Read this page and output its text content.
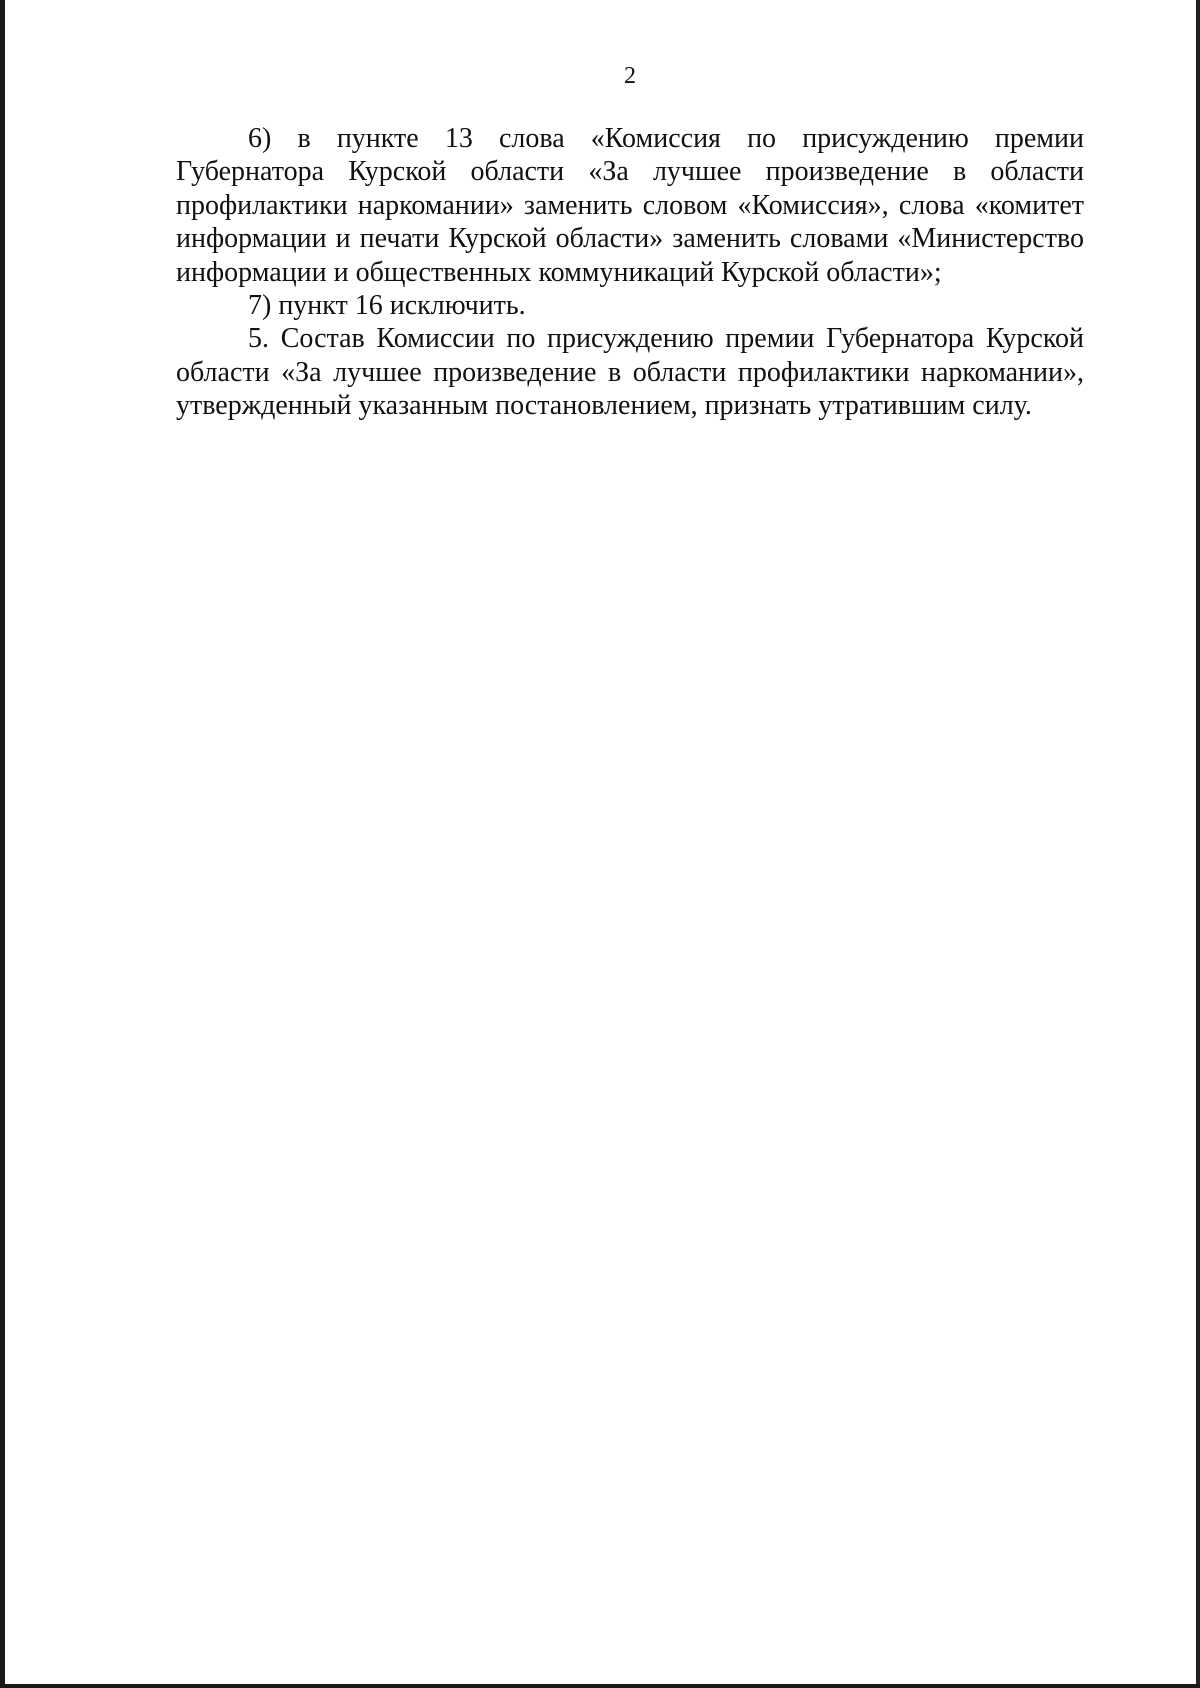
2

6) в пункте 13 слова «Комиссия по присуждению премии Губернатора Курской области «За лучшее произведение в области профилактики наркомании» заменить словом «Комиссия», слова «комитет информации и печати Курской области» заменить словами «Министерство информации и общественных коммуникаций Курской области»;

7) пункт 16 исключить.

5. Состав Комиссии по присуждению премии Губернатора Курской области «За лучшее произведение в области профилактики наркомании», утвержденный указанным постановлением, признать утратившим силу.
